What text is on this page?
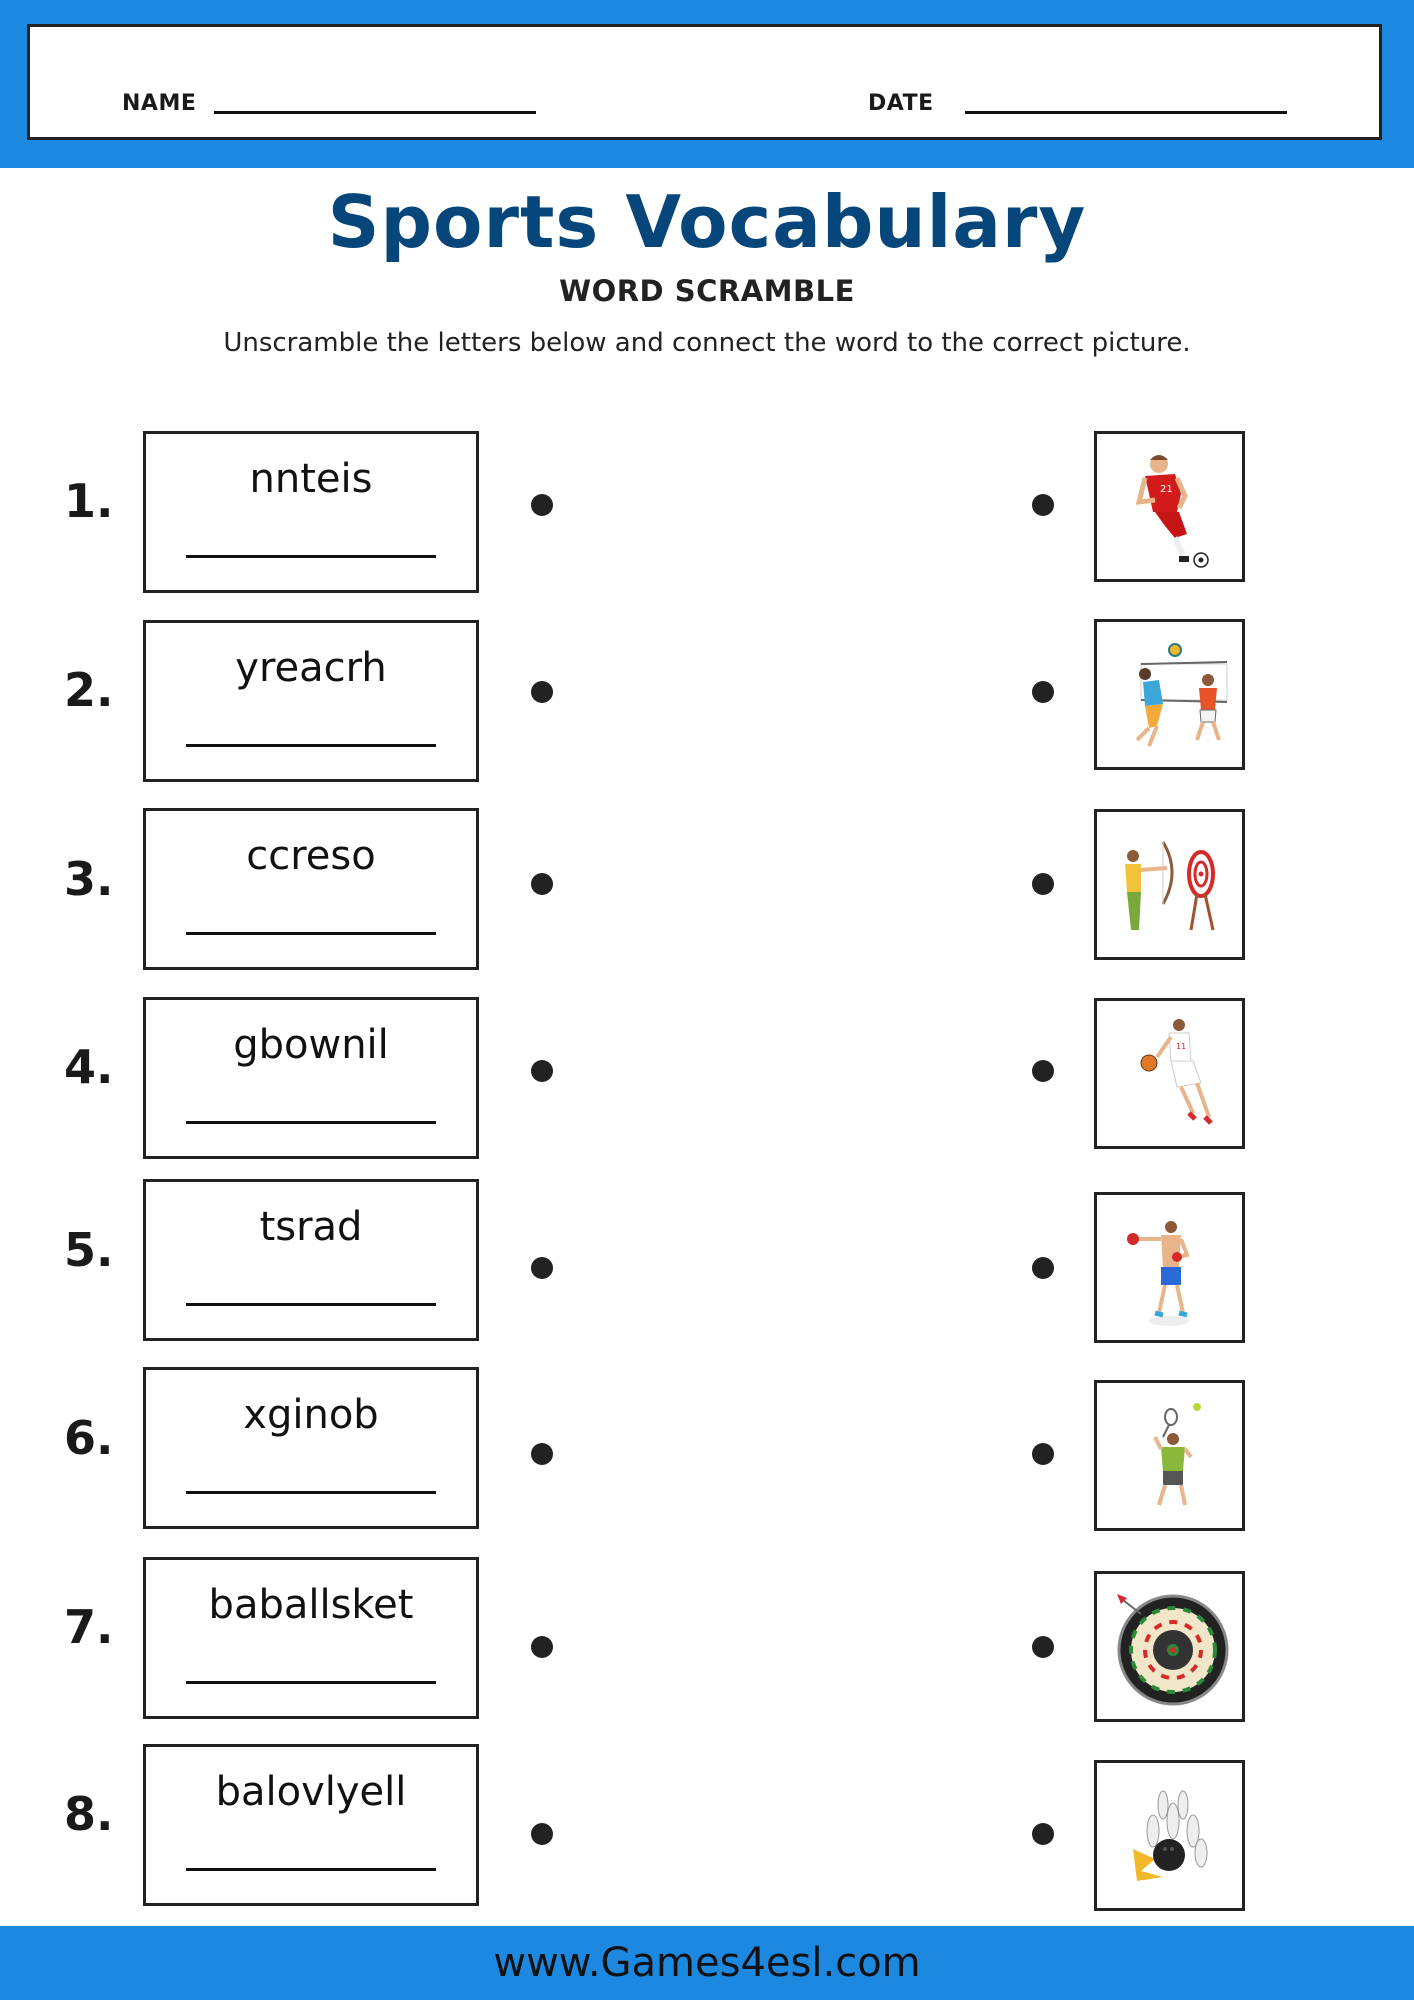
NAME	DATE
Sports Vocabulary
WORD SCRAMBLE
Unscramble the letters below and connect the word to the correct picture.
1.	nnteis	21
2.	yreacrh
3.	ccreso
4.	gbownil	11
5.	tsrad
6.	xginob
7.	baballsket
8.	balovlyell
www.Games4esl.com
